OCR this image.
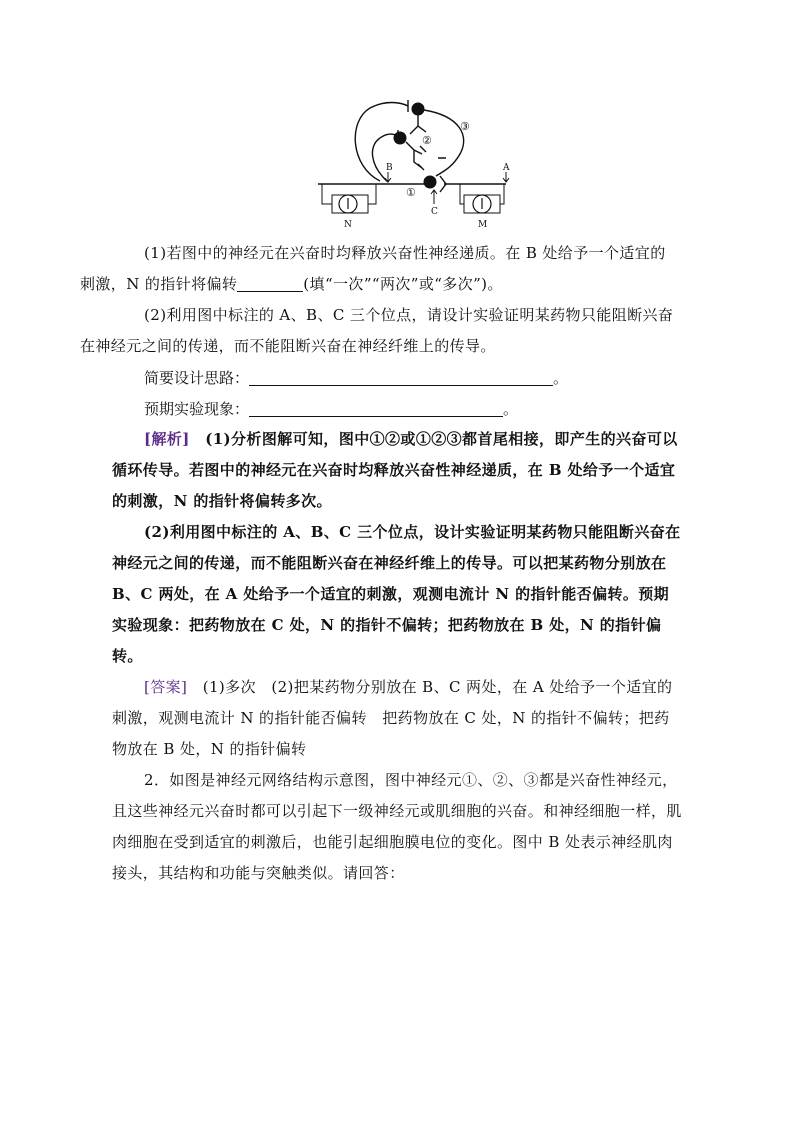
①
②
③
B	A
C
N	M

(1)若图中的神经元在兴奋时均释放兴奋性神经递质。在 B 处给予一个适宜的
刺激，N 的指针将偏转	(填“一次”“两次”或“多次”)。

(2)利用图中标注的 A、B、C 三个位点，请设计实验证明某药物只能阻断兴奋
在神经元之间的传递，而不能阻断兴奋在神经纤维上的传导。

简要设计思路：	。
预期实验现象：	。

[解析]　 (1)分析图解可知，图中①②或①②③都首尾相接，即产生的兴奋可以循环传导。若图中的神经元在兴奋时均释放兴奋性神经递质，在 B 处给予一个适宜的刺激，N 的指针将偏转多次。

(2)利用图中标注的 A、B、C 三个位点，设计实验证明某药物只能阻断兴奋在神经元之间的传递，而不能阻断兴奋在神经纤维上的传导。可以把某药物分别放在 B、C 两处，在 A 处给予一个适宜的刺激，观测电流计 N 的指针能否偏转。预期实验现象：把药物放在 C 处，N 的指针不偏转；把药物放在 B 处，N 的指针偏转。

[答案]　 (1)多次　(2)把某药物分别放在 B、C 两处，在 A 处给予一个适宜的刺激，观测电流计 N 的指针能否偏转　把药物放在 C 处，N 的指针不偏转；把药物放在 B 处，N 的指针偏转

2．如图是神经元网络结构示意图，图中神经元①、②、③都是兴奋性神经元，且这些神经元兴奋时都可以引起下一级神经元或肌细胞的兴奋。和神经细胞一样，肌肉细胞在受到适宜的刺激后，也能引起细胞膜电位的变化。图中 B 处表示神经肌肉接头，其结构和功能与突触类似。请回答：
